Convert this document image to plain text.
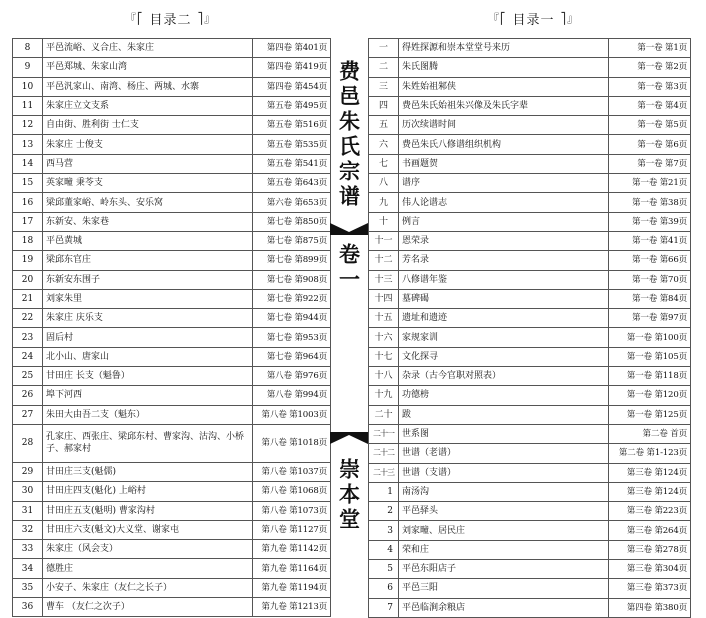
『⎡ 目录二 ⎤』	『⎡ 目录一 ⎤』
8	平邑流峪、义合庄、朱家庄	第四卷 第401页
9	平邑郑城、朱家山湾	第四卷 第419页
10	平邑汎家山、南湾、杨庄、两城、水寨	第四卷 第454页
11	朱家庄立文支系	第五卷 第495页
12	自由街、胜利街 士仁支	第五卷 第516页
13	朱家庄 士俊支	第五卷 第535页
14	西马营	第五卷 第541页
15	英家疃 秉苓支	第五卷 第643页
16	梁邱董家峪、岭东头、安乐窝	第六卷 第653页
17	东新安、朱家巷	第七卷 第850页
18	平邑黄城	第七卷 第875页
19	梁邱东官庄	第七卷 第899页
20	东新安东围子	第七卷 第908页
21	刘家朱里	第七卷 第922页
22	朱家庄 庆乐支	第七卷 第944页
23	固后村	第七卷 第953页
24	北小山、唐家山	第七卷 第964页
25	甘田庄 长支（魁鲁）	第八卷 第976页
26	埠下河西	第八卷 第994页
27	朱田大由吾二支（魁东）	第八卷 第1003页
28	孔家庄、西张庄、梁邱东村、曹家沟、沽沟、小桥子、郝家村	第八卷 第1018页
29	甘田庄三支(魁儒)	第八卷 第1037页
30	甘田庄四支(魁化) 上峪村	第八卷 第1068页
31	甘田庄五支(魁明) 曹家沟村	第八卷 第1073页
32	甘田庄六支(魁文)大义堂、谢家屯	第八卷 第1127页
33	朱家庄（风会支）	第九卷 第1142页
34	德胜庄	第九卷 第1164页
35	小安子、朱家庄（友仁之长子）	第九卷 第1194页
36	曹车 （友仁之次子）	第九卷 第1213页
费邑朱氏宗谱
卷一
崇本堂
一	得姓探源和崇本堂堂号来历	第一卷 第1页
二	朱氏图腾	第一卷 第2页
三	朱姓始祖邾侠	第一卷 第3页
四	费邑朱氏始祖朱兴像及朱氏字辈	第一卷 第4页
五	历次续谱时间	第一卷 第5页
六	费邑朱氏八修谱组织机构	第一卷 第6页
七	书画题贺	第一卷 第7页
八	谱序	第一卷 第21页
九	伟人论谱志	第一卷 第38页
十	例言	第一卷 第39页
十一	恩荣录	第一卷 第41页
十二	芳名录	第一卷 第66页
十三	八修谱年鉴	第一卷 第70页
十四	墓碑碣	第一卷 第84页
十五	遗址和遗迹	第一卷 第97页
十六	家规家训	第一卷 第100页
十七	文化探寻	第一卷 第105页
十八	杂录（古今官职对照表）	第一卷 第118页
十九	功德榜	第一卷 第120页
二十	跋	第一卷 第125页
二十一	世系图	第二卷 首页
二十二	世谱（老谱）	第二卷 第1-123页
二十三	世谱（支谱）	第三卷 第124页
1	南汤沟	第三卷 第124页
2	平邑驿头	第三卷 第223页
3	刘家疃、居民庄	第三卷 第264页
4	荣和庄	第三卷 第278页
5	平邑东阳店子	第三卷 第304页
6	平邑三阳	第三卷 第373页
7	平邑临涧余粮店	第四卷 第380页
